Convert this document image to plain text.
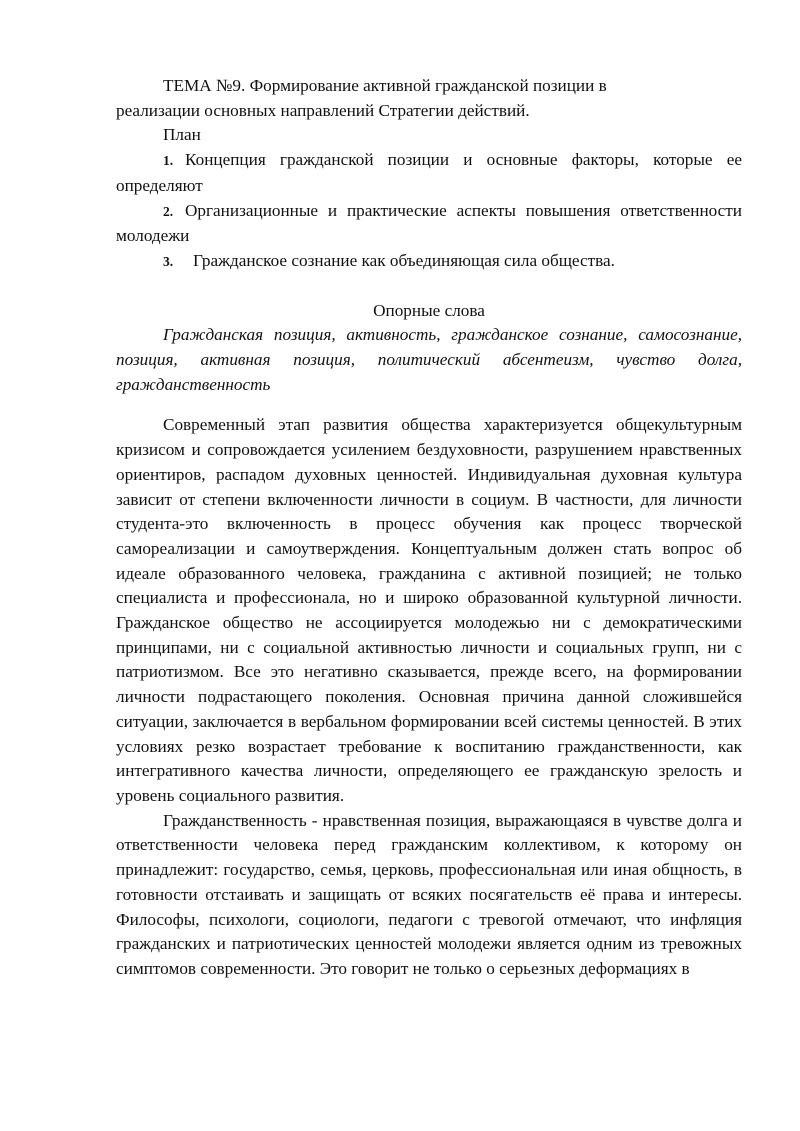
ТЕМА №9. Формирование активной гражданской позиции в

реализации основных направлений Стратегии действий.

План

1. Концепция гражданской позиции и основные факторы, которые ее определяют

2. Организационные и практические аспекты повышения ответственности молодежи

3. Гражданское сознание как объединяющая сила общества.

Опорные слова

Гражданская позиция, активность, гражданское сознание, самосознание, позиция, активная позиция, политический абсентеизм, чувство долга, гражданственность

Современный этап развития общества характеризуется общекультурным кризисом и сопровождается усилением бездуховности, разрушением нравственных ориентиров, распадом духовных ценностей. Индивидуальная духовная культура зависит от степени включенности личности в социум. В частности, для личности студента-это включенность в процесс обучения как процесс творческой самореализации и самоутверждения. Концептуальным должен стать вопрос об идеале образованного человека, гражданина с активной позицией; не только специалиста и профессионала, но и широко образованной культурной личности. Гражданское общество не ассоциируется молодежью ни с демократическими принципами, ни с социальной активностью личности и социальных групп, ни с патриотизмом. Все это негативно сказывается, прежде всего, на формировании личности подрастающего поколения. Основная причина данной сложившейся ситуации, заключается в вербальном формировании всей системы ценностей. В этих условиях резко возрастает требование к воспитанию гражданственности, как интегративного качества личности, определяющего ее гражданскую зрелость и уровень социального развития.

Гражданственность - нравственная позиция, выражающаяся в чувстве долга и ответственности человека перед гражданским коллективом, к которому он принадлежит: государство, семья, церковь, профессиональная или иная общность, в готовности отстаивать и защищать от всяких посягательств её права и интересы. Философы, психологи, социологи, педагоги с тревогой отмечают, что инфляция гражданских и патриотических ценностей молодежи является одним из тревожных симптомов современности. Это говорит не только о серьезных деформациях в
